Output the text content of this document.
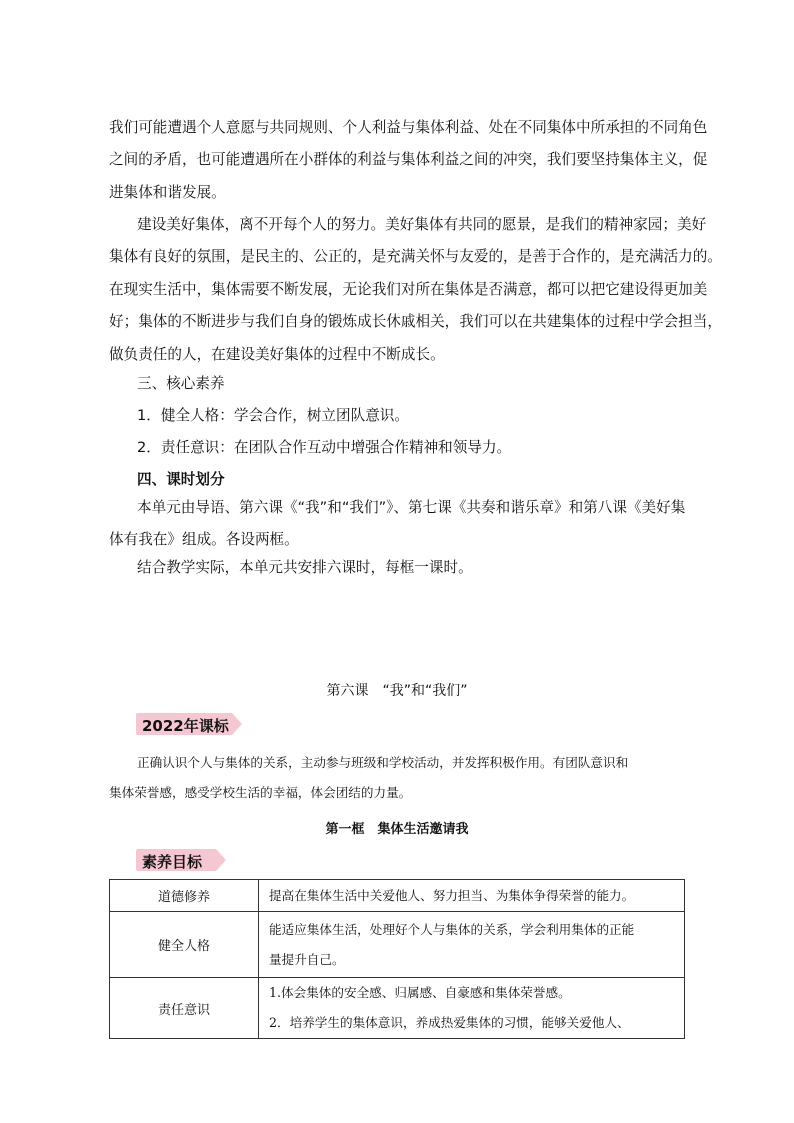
我们可能遭遇个人意愿与共同规则、个人利益与集体利益、处在不同集体中所承担的不同角色
之间的矛盾，也可能遭遇所在小群体的利益与集体利益之间的冲突，我们要坚持集体主义，促
进集体和谐发展。

建设美好集体，离不开每个人的努力。美好集体有共同的愿景，是我们的精神家园；美好
集体有良好的氛围，是民主的、公正的，是充满关怀与友爱的，是善于合作的，是充满活力的。
在现实生活中，集体需要不断发展，无论我们对所在集体是否满意，都可以把它建设得更加美
好；集体的不断进步与我们自身的锻炼成长休戚相关，我们可以在共建集体的过程中学会担当，
做负责任的人，在建设美好集体的过程中不断成长。

三、核心素养

1．健全人格：学会合作，树立团队意识。

2．责任意识：在团队合作互动中增强合作精神和领导力。

四、课时划分

本单元由导语、第六课《“我”和“我们”》、第七课《共奏和谐乐章》和第八课《美好集
体有我在》组成。各设两框。

结合教学实际，本单元共安排六课时，每框一课时。

第六课　“我”和“我们”
2022年课标
正确认识个人与集体的关系，主动参与班级和学校活动，并发挥积极作用。有团队意识和
集体荣誉感，感受学校生活的幸福，体会团结的力量。
第一框　集体生活邀请我
素养目标
道德修养	提高在集体生活中关爱他人、努力担当、为集体争得荣誉的能力。

健全人格	能适应集体生活，处理好个人与集体的关系，学会利用集体的正能
量提升自己。

责任意识	1.体会集体的安全感、归属感、自豪感和集体荣誉感。
2．培养学生的集体意识，养成热爱集体的习惯，能够关爱他人、
